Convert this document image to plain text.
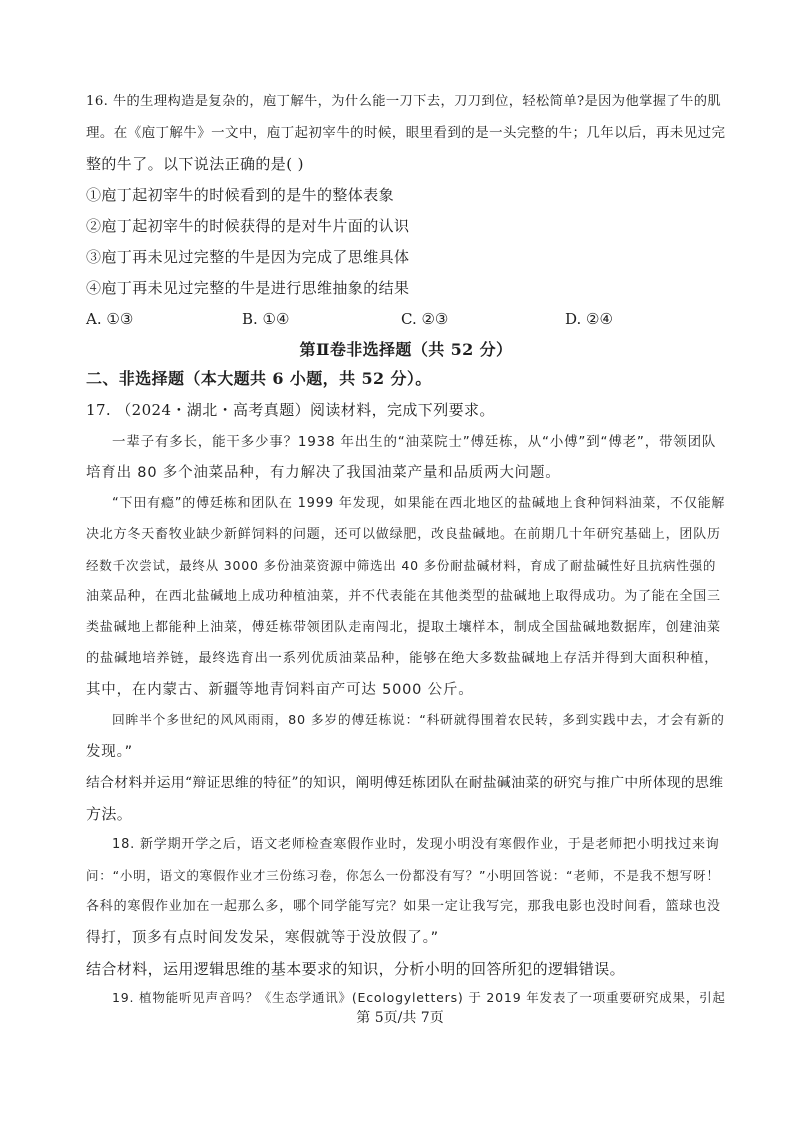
16. 牛的生理构造是复杂的，庖丁解牛，为什么能一刀下去，刀刀到位，轻松简单?是因为他掌握了牛的肌
理。在《庖丁解牛》一文中，庖丁起初宰牛的时候，眼里看到的是一头完整的牛；几年以后，再未见过完
整的牛了。以下说法正确的是( )
①庖丁起初宰牛的时候看到的是牛的整体表象
②庖丁起初宰牛的时候获得的是对牛片面的认识
③庖丁再未见过完整的牛是因为完成了思维具体
④庖丁再未见过完整的牛是进行思维抽象的结果
A. ①③	B. ①④	C. ②③	D. ②④
第Ⅱ卷非选择题（共 52 分）
二、非选择题（本大题共 6 小题，共 52 分）。
17. （2024・湖北・高考真题）阅读材料，完成下列要求。
一辈子有多长，能干多少事？1938 年出生的“油菜院士”傅廷栋，从“小傅”到“傅老”，带领团队
培育出 80 多个油菜品种，有力解决了我国油菜产量和品质两大问题。
“下田有瘾”的傅廷栋和团队在 1999 年发现，如果能在西北地区的盐碱地上食种饲料油菜，不仅能解
决北方冬天畜牧业缺少新鲜饲料的问题，还可以做绿肥，改良盐碱地。在前期几十年研究基础上，团队历
经数千次尝试，最终从 3000 多份油菜资源中筛选出 40 多份耐盐碱材料，育成了耐盐碱性好且抗病性强的
油菜品种，在西北盐碱地上成功种植油菜，并不代表能在其他类型的盐碱地上取得成功。为了能在全国三
类盐碱地上都能种上油菜，傅廷栋带领团队走南闯北，提取土壤样本，制成全国盐碱地数据库，创建油菜
的盐碱地培养链，最终选育出一系列优质油菜品种，能够在绝大多数盐碱地上存活并得到大面积种植，
其中，在内蒙古、新疆等地青饲料亩产可达 5000 公斤。
回眸半个多世纪的风风雨雨，80 多岁的傅廷栋说：“科研就得围着农民转，多到实践中去，才会有新的
发现。”
结合材料并运用“辩证思维的特征”的知识，阐明傅廷栋团队在耐盐碱油菜的研究与推广中所体现的思维
方法。
18. 新学期开学之后，语文老师检查寒假作业时，发现小明没有寒假作业，于是老师把小明找过来询
问：“小明，语文的寒假作业才三份练习卷，你怎么一份都没有写？”小明回答说：“老师，不是我不想写呀！
各科的寒假作业加在一起那么多，哪个同学能写完？如果一定让我写完，那我电影也没时间看，篮球也没
得打，顶多有点时间发发呆，寒假就等于没放假了。”
结合材料，运用逻辑思维的基本要求的知识，分析小明的回答所犯的逻辑错误。
19. 植物能听见声音吗？《生态学通讯》(Ecologyletters) 于 2019 年发表了一项重要研究成果，引起
第 5页/共 7页
